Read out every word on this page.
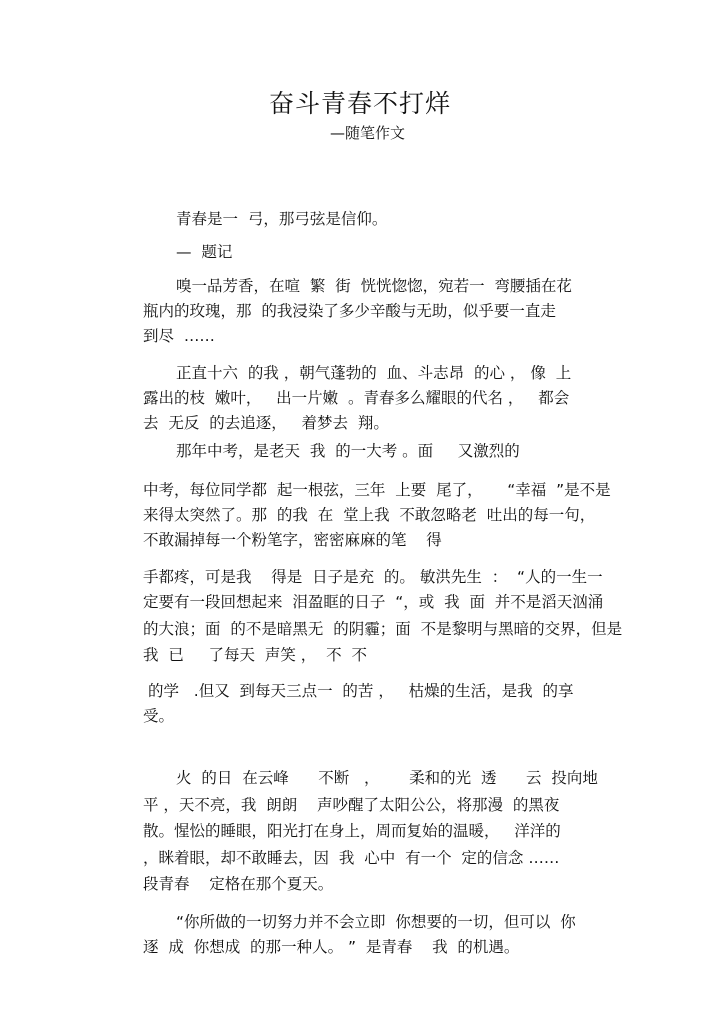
奋斗青春不打烊
—随笔作文
青春是一  弓，那弓弦是信仰。
—  题记
嗅一品芳香，在喧  繁  街  恍恍惚惚，宛若一  弯腰插在花
瓶内的玫瑰，那  的我浸染了多少辛酸与无助，似乎要一直走
到尽  ……
正直十六  的我 ，朝气蓬勃的  血、斗志昂  的心 ， 像  上
露出的枝  嫩叶，   出一片嫩  。青春多么耀眼的代名 ，   都会
去  无反  的去追逐，   着梦去  翔。
那年中考，是老天  我  的一大考 。面     又激烈的
中考，每位同学都  起一根弦，三年  上要  尾了，     “幸福  ”是不是
来得太突然了。那  的我  在  堂上我  不敢忽略老  吐出的每一句，
不敢漏掉每一个粉笔字，密密麻麻的笔    得
手都疼，可是我    得是  日子是充  的。 敏洪先生  ：  “人的一生一
定要有一段回想起来  泪盈眶的日子  “，或  我  面  并不是滔天汹涌
的大浪；面  的不是暗黑无  的阴霾；面  不是黎明与黑暗的交界，但是
我  已     了每天  声笑 ，  不  不
的学   .但又  到每天三点一  的苦 ，   枯燥的生活，是我  的享
受。
火  的日  在云峰      不断   ，      柔和的光  透      云  投向地
平 ，天不亮，我  朗朗    声吵醒了太阳公公，将那漫  的黑夜
散。惺忪的睡眼，阳光打在身上，周而复始的温暖，   洋洋的
，眯着眼，却不敢睡去，因  我  心中  有一个  定的信念 ……
段青春    定格在那个夏天。
“你所做的一切努力并不会立即  你想要的一切，但可以  你
逐  成  你想成  的那一种人。 ”  是青春    我  的机遇。
